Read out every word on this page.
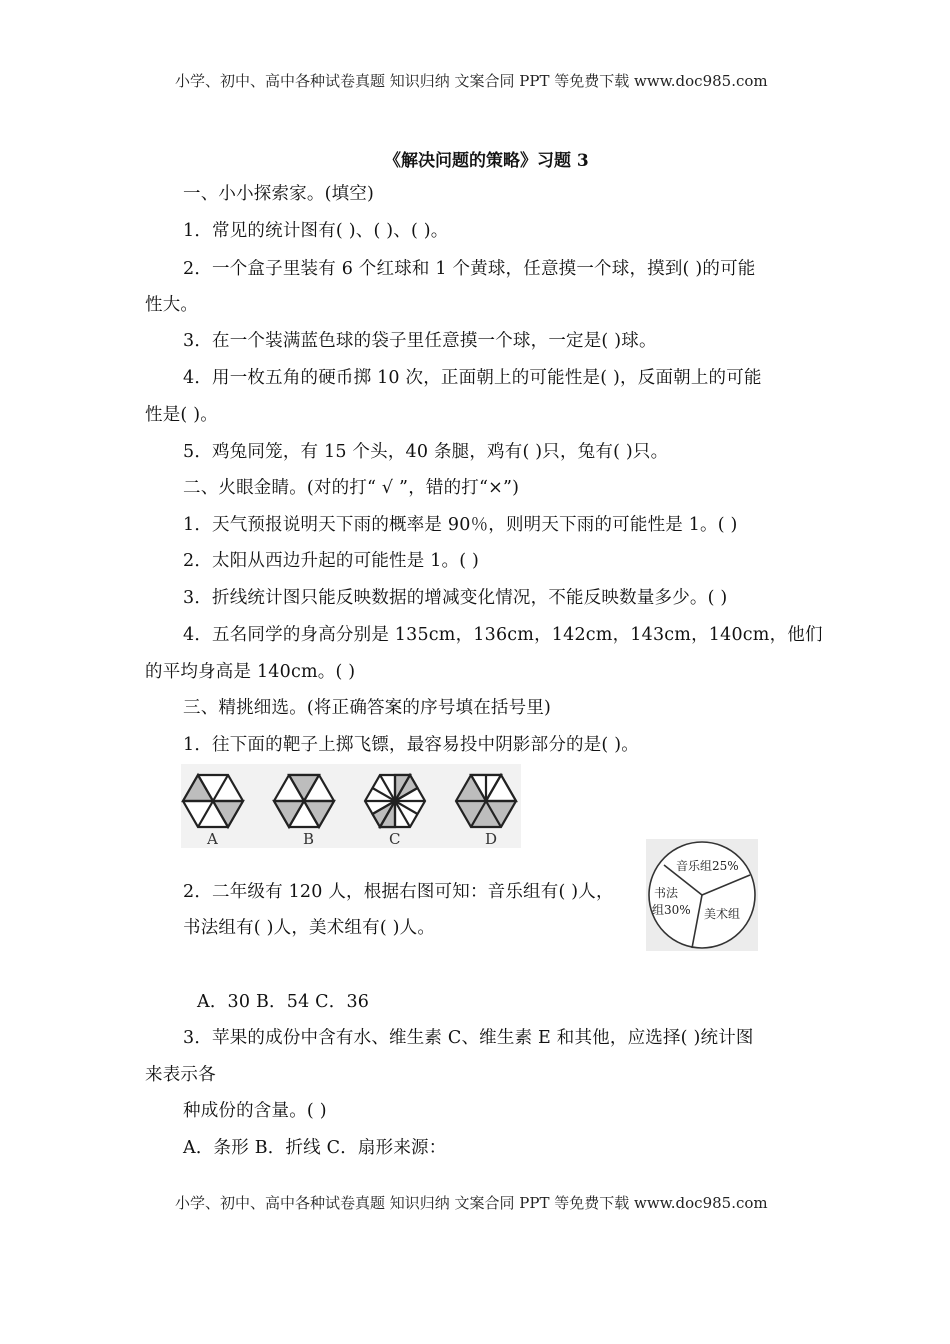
小学、初中、高中各种试卷真题 知识归纳 文案合同 PPT 等免费下载 www.doc985.com
《解决问题的策略》习题 3
一、小小探索家。(填空)
1．常见的统计图有( )、( )、( )。
2．一个盒子里装有 6 个红球和 1 个黄球，任意摸一个球，摸到( )的可能
性大。
3．在一个装满蓝色球的袋子里任意摸一个球，一定是( )球。
4．用一枚五角的硬币掷 10 次，正面朝上的可能性是( )，反面朝上的可能
性是( )。
5．鸡兔同笼，有 15 个头，40 条腿，鸡有( )只，兔有( )只。
二、火眼金睛。(对的打“ √ ”，错的打“×”)
1．天气预报说明天下雨的概率是 90％，则明天下雨的可能性是 1。( )
2．太阳从西边升起的可能性是 1。( )
3．折线统计图只能反映数据的增减变化情况，不能反映数量多少。( )
4．五名同学的身高分别是 135cm，136cm，142cm，143cm，140cm，他们
的平均身高是 140cm。( )
三、精挑细选。(将正确答案的序号填在括号里)
1．往下面的靶子上掷飞镖，最容易投中阴影部分的是( )。
A	B	C	D
2．二年级有 120 人，根据右图可知：音乐组有( )人，
书法组有( )人，美术组有( )人。
音乐组25%
书法
组30% 美术组
A．30 B．54 C．36
3．苹果的成份中含有水、维生素 C、维生素 E 和其他，应选择( )统计图
来表示各
种成份的含量。( )
A．条形 B．折线 C．扇形来源：
小学、初中、高中各种试卷真题 知识归纳 文案合同 PPT 等免费下载 www.doc985.com
